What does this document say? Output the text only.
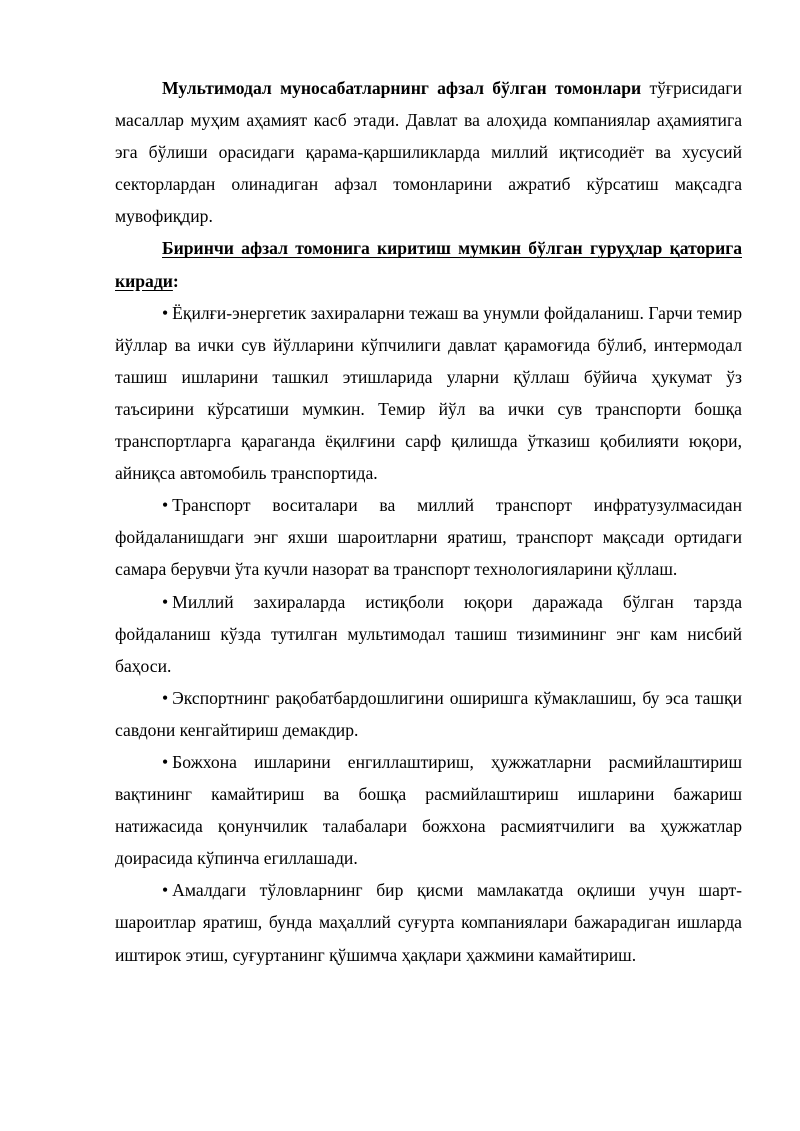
Мультимодал муносабатларнинг афзал бўлган томонлари тўғрисидаги масаллар муҳим аҳамият касб этади. Давлат ва алоҳида компаниялар аҳамиятига эга бўлиши орасидаги қарама-қаршиликларда миллий иқтисодиёт ва хусусий секторлардан олинадиган афзал томонларини ажратиб кўрсатиш мақсадга мувофиқдир.

Биринчи афзал томонига киритиш мумкин бўлган гуруҳлар қаторига киради:

• Ёқилғи-энергетик захираларни тежаш ва унумли фойдаланиш. Гарчи темир йўллар ва ички сув йўлларини кўпчилиги давлат қарамоғида бўлиб, интермодал ташиш ишларини ташкил этишларида уларни қўллаш бўйича ҳукумат ўз таъсирини кўрсатиши мумкин. Темир йўл ва ички сув транспорти бошқа транспортларга қараганда ёқилғини сарф қилишда ўтказиш қобилияти юқори, айниқса автомобиль транспортида.

• Транспорт воситалари ва миллий транспорт инфратузулмасидан фойдаланишдаги энг яхши шароитларни яратиш, транспорт мақсади ортидаги самара берувчи ўта кучли назорат ва транспорт технологияларини қўллаш.

• Миллий захираларда истиқболи юқори даражада бўлган тарзда фойдаланиш кўзда тутилган мультимодал ташиш тизимининг энг кам нисбий баҳоси.

• Экспортнинг рақобатбардошлигини оширишга кўмаклашиш, бу эса ташқи савдони кенгайтириш демакдир.

• Божхона ишларини енгиллаштириш, ҳужжатларни расмийлаштириш вақтининг камайтириш ва бошқа расмийлаштириш ишларини бажариш натижасида қонунчилик талабалари божхона расмиятчилиги ва ҳужжатлар доирасида кўпинча егиллашади.

• Амалдаги тўловларнинг бир қисми мамлакатда оқлиши учун шарт-шароитлар яратиш, бунда маҳаллий суғурта компаниялари бажарадиган ишларда иштирок этиш, суғуртанинг қўшимча ҳақлари ҳажмини камайтириш.
